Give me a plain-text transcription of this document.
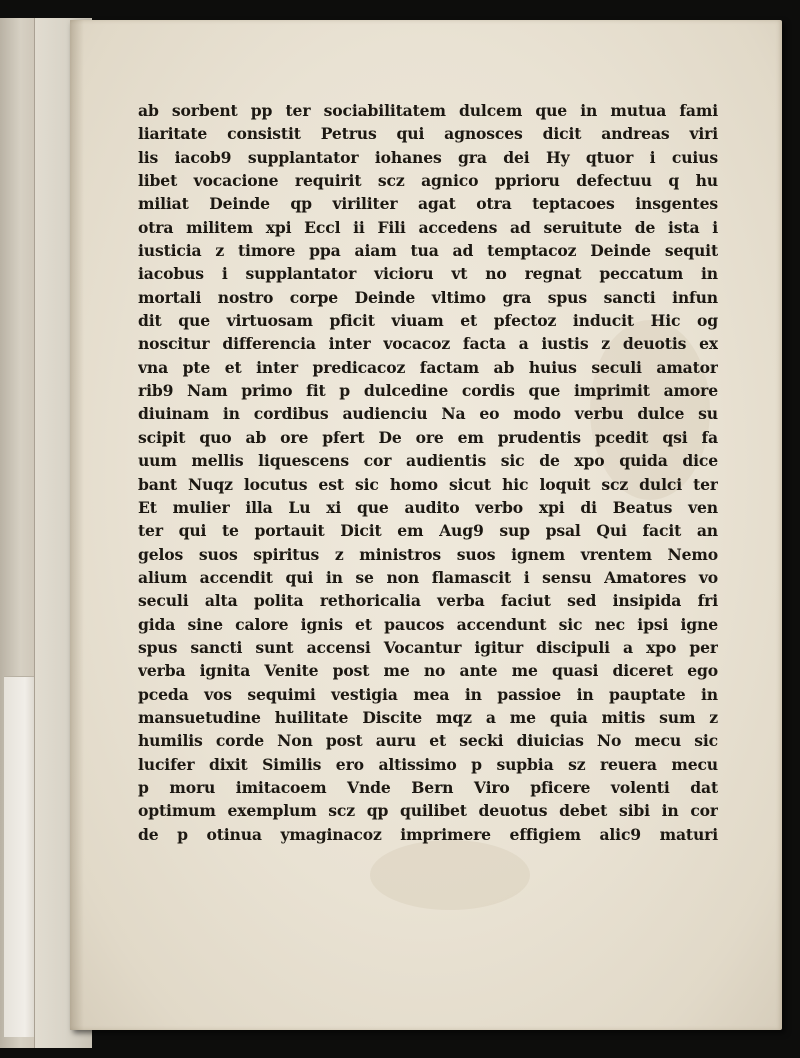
ab sorbent pp ter sociabilitatem dulcem que in mutua fami
liaritate consistit Petrus qui agnosces dicit andreas viri
lis iacob9 supplantator iohanes gra dei Hy qtuor i cuius
libet vocacione requirit scz agnico pprioru defectuu q hu
miliat Deinde qp viriliter agat otra teptacoes insgentes
otra militem xpi Eccl ii Fili accedens ad seruitute de ista i
iusticia z timore ppa aiam tua ad temptacoz Deinde sequit
iacobus i supplantator vicioru vt no regnat peccatum in
mortali nostro corpe Deinde vltimo gra spus sancti infun
dit que virtuosam pficit viuam et pfectoz inducit Hic og
noscitur differencia inter vocacoz facta a iustis z deuotis ex
vna pte et inter predicacoz factam ab huius seculi amator
rib9 Nam primo fit p dulcedine cordis que imprimit amore
diuinam in cordibus audienciu Na eo modo verbu dulce su
scipit quo ab ore pfert De ore em prudentis pcedit qsi fa
uum mellis liquescens cor audientis sic de xpo quida dice
bant Nuqz locutus est sic homo sicut hic loquit scz dulci ter
Et mulier illa Lu xi que audito verbo xpi di Beatus ven
ter qui te portauit Dicit em Aug9 sup psal Qui facit an
gelos suos spiritus z ministros suos ignem vrentem Nemo
alium accendit qui in se non flamascit i sensu Amatores vo
seculi alta polita rethoricalia verba faciut sed insipida fri
gida sine calore ignis et paucos accendunt sic nec ipsi igne
spus sancti sunt accensi Vocantur igitur discipuli a xpo per
verba ignita Venite post me no ante me quasi diceret ego
pceda vos sequimi vestigia mea in passioe in pauptate in
mansuetudine huilitate Discite mqz a me quia mitis sum z
humilis corde Non post auru et secki diuicias No mecu sic
lucifer dixit Similis ero altissimo p supbia sz reuera mecu
p moru imitacoem Vnde Bern Viro pficere volenti dat
optimum exemplum scz qp quilibet deuotus debet sibi in cor
de p otinua ymaginacoz imprimere effigiem alic9 maturi
